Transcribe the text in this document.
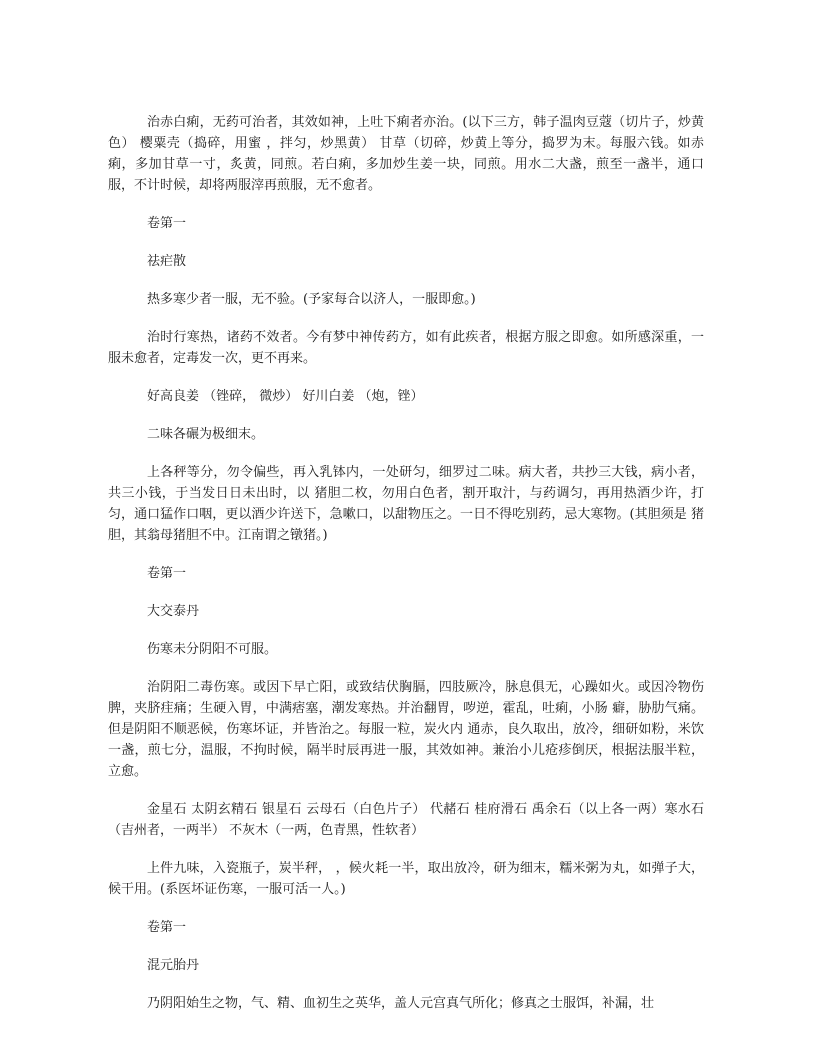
治赤白痢，无药可治者，其效如神，上吐下痢者亦治。(以下三方，韩子温肉豆蔻（切片子，炒黄色） 樱粟壳（捣碎，用蜜 ，拌匀，炒黑黄） 甘草（切碎，炒黄上等分，捣罗为末。每服六钱。如赤痢，多加甘草一寸，炙黄，同煎。若白痢，多加炒生姜一块，同煎。用水二大盏，煎至一盏半，通口服，不计时候，却将两服滓再煎服，无不愈者。

卷第一

祛疟散

热多寒少者一服，无不验。(予家每合以济人，一服即愈。)

治时行寒热，诸药不效者。今有梦中神传药方，如有此疾者，根据方服之即愈。如所感深重，一服未愈者，定毒发一次，更不再来。

好高良姜 （锉碎， 微炒） 好川白姜 （炮，锉）

二味各碾为极细末。

上各秤等分，勿令偏些，再入乳钵内，一处研匀，细罗过二味。病大者，共抄三大钱，病小者，共三小钱，于当发日日未出时，以 猪胆二枚，勿用白色者，割开取汁，与药调匀，再用热酒少许，打匀，通口猛作口咽，更以酒少许送下，急嗽口，以甜物压之。一日不得吃别药，忌大寒物。(其胆须是 猪胆，其翁母猪胆不中。江南谓之镦猪。)

卷第一

大交泰丹

伤寒未分阴阳不可服。

治阴阳二毒伤寒。或因下早亡阳，或致结伏胸膈，四肢厥冷，脉息俱无，心躁如火。或因冷物伤脾，夹脐疰痛；生硬入胃，中满痞塞，潮发寒热。并治翻胃，哕逆，霍乱，吐痢，小肠 癖，胁肋气痛。但是阴阳不顺恶候，伤寒坏证，并皆治之。每服一粒，炭火内 通赤，良久取出，放冷，细研如粉，米饮一盏，煎七分，温服，不拘时候，隔半时辰再进一服，其效如神。兼治小儿疮疹倒厌，根据法服半粒，立愈。

金星石 太阴玄精石 银星石 云母石（白色片子） 代赭石 桂府滑石 禹余石（以上各一两）寒水石（吉州者，一两半） 不灰木（一两，色青黑，性软者）

上件九味，入瓷瓶子，炭半秤， ，候火耗一半，取出放冷，研为细末，糯米粥为丸，如弹子大，候干用。(系医坏证伤寒，一服可活一人。)

卷第一

混元胎丹

乃阴阳始生之物，气、精、血初生之英华，盖人元宫真气所化；修真之士服饵，补漏，壮
